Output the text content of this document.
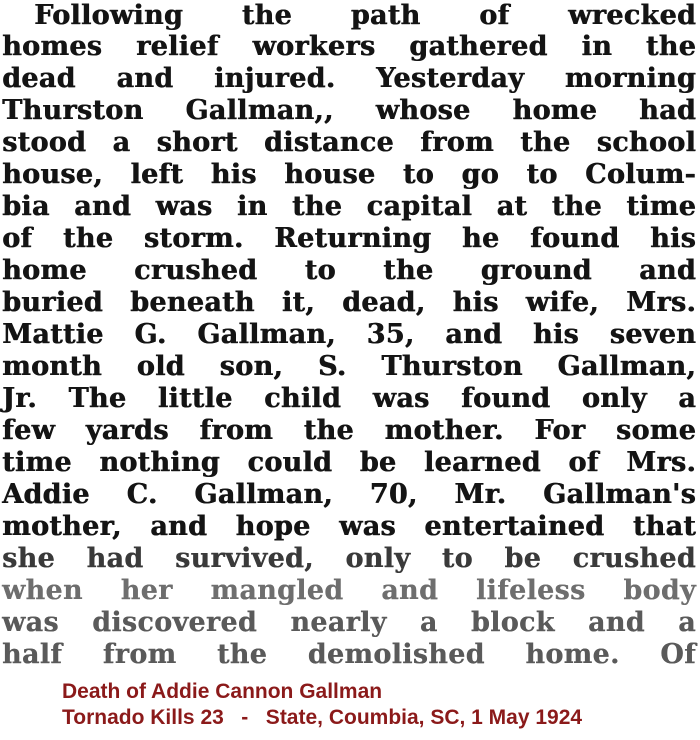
Following the path of wrecked
homes relief workers gathered in the
dead and injured. Yesterday morning
Thurston Gallman,, whose home had
stood a short distance from the school
house, left his house to go to Colum-
bia and was in the capital at the time
of the storm. Returning he found his
home crushed to the ground and
buried beneath it, dead, his wife, Mrs.
Mattie G. Gallman, 35, and his seven
month old son, S. Thurston Gallman,
Jr. The little child was found only a
few yards from the mother. For some
time nothing could be learned of Mrs.
Addie C. Gallman, 70, Mr. Gallman's
mother, and hope was entertained that
she had survived, only to be crushed
when her mangled and lifeless body
was discovered nearly a block and a
half from the demolished home. Of
Death of Addie Cannon Gallman
Tornado Kills 23   -   State, Coumbia, SC, 1 May 1924
